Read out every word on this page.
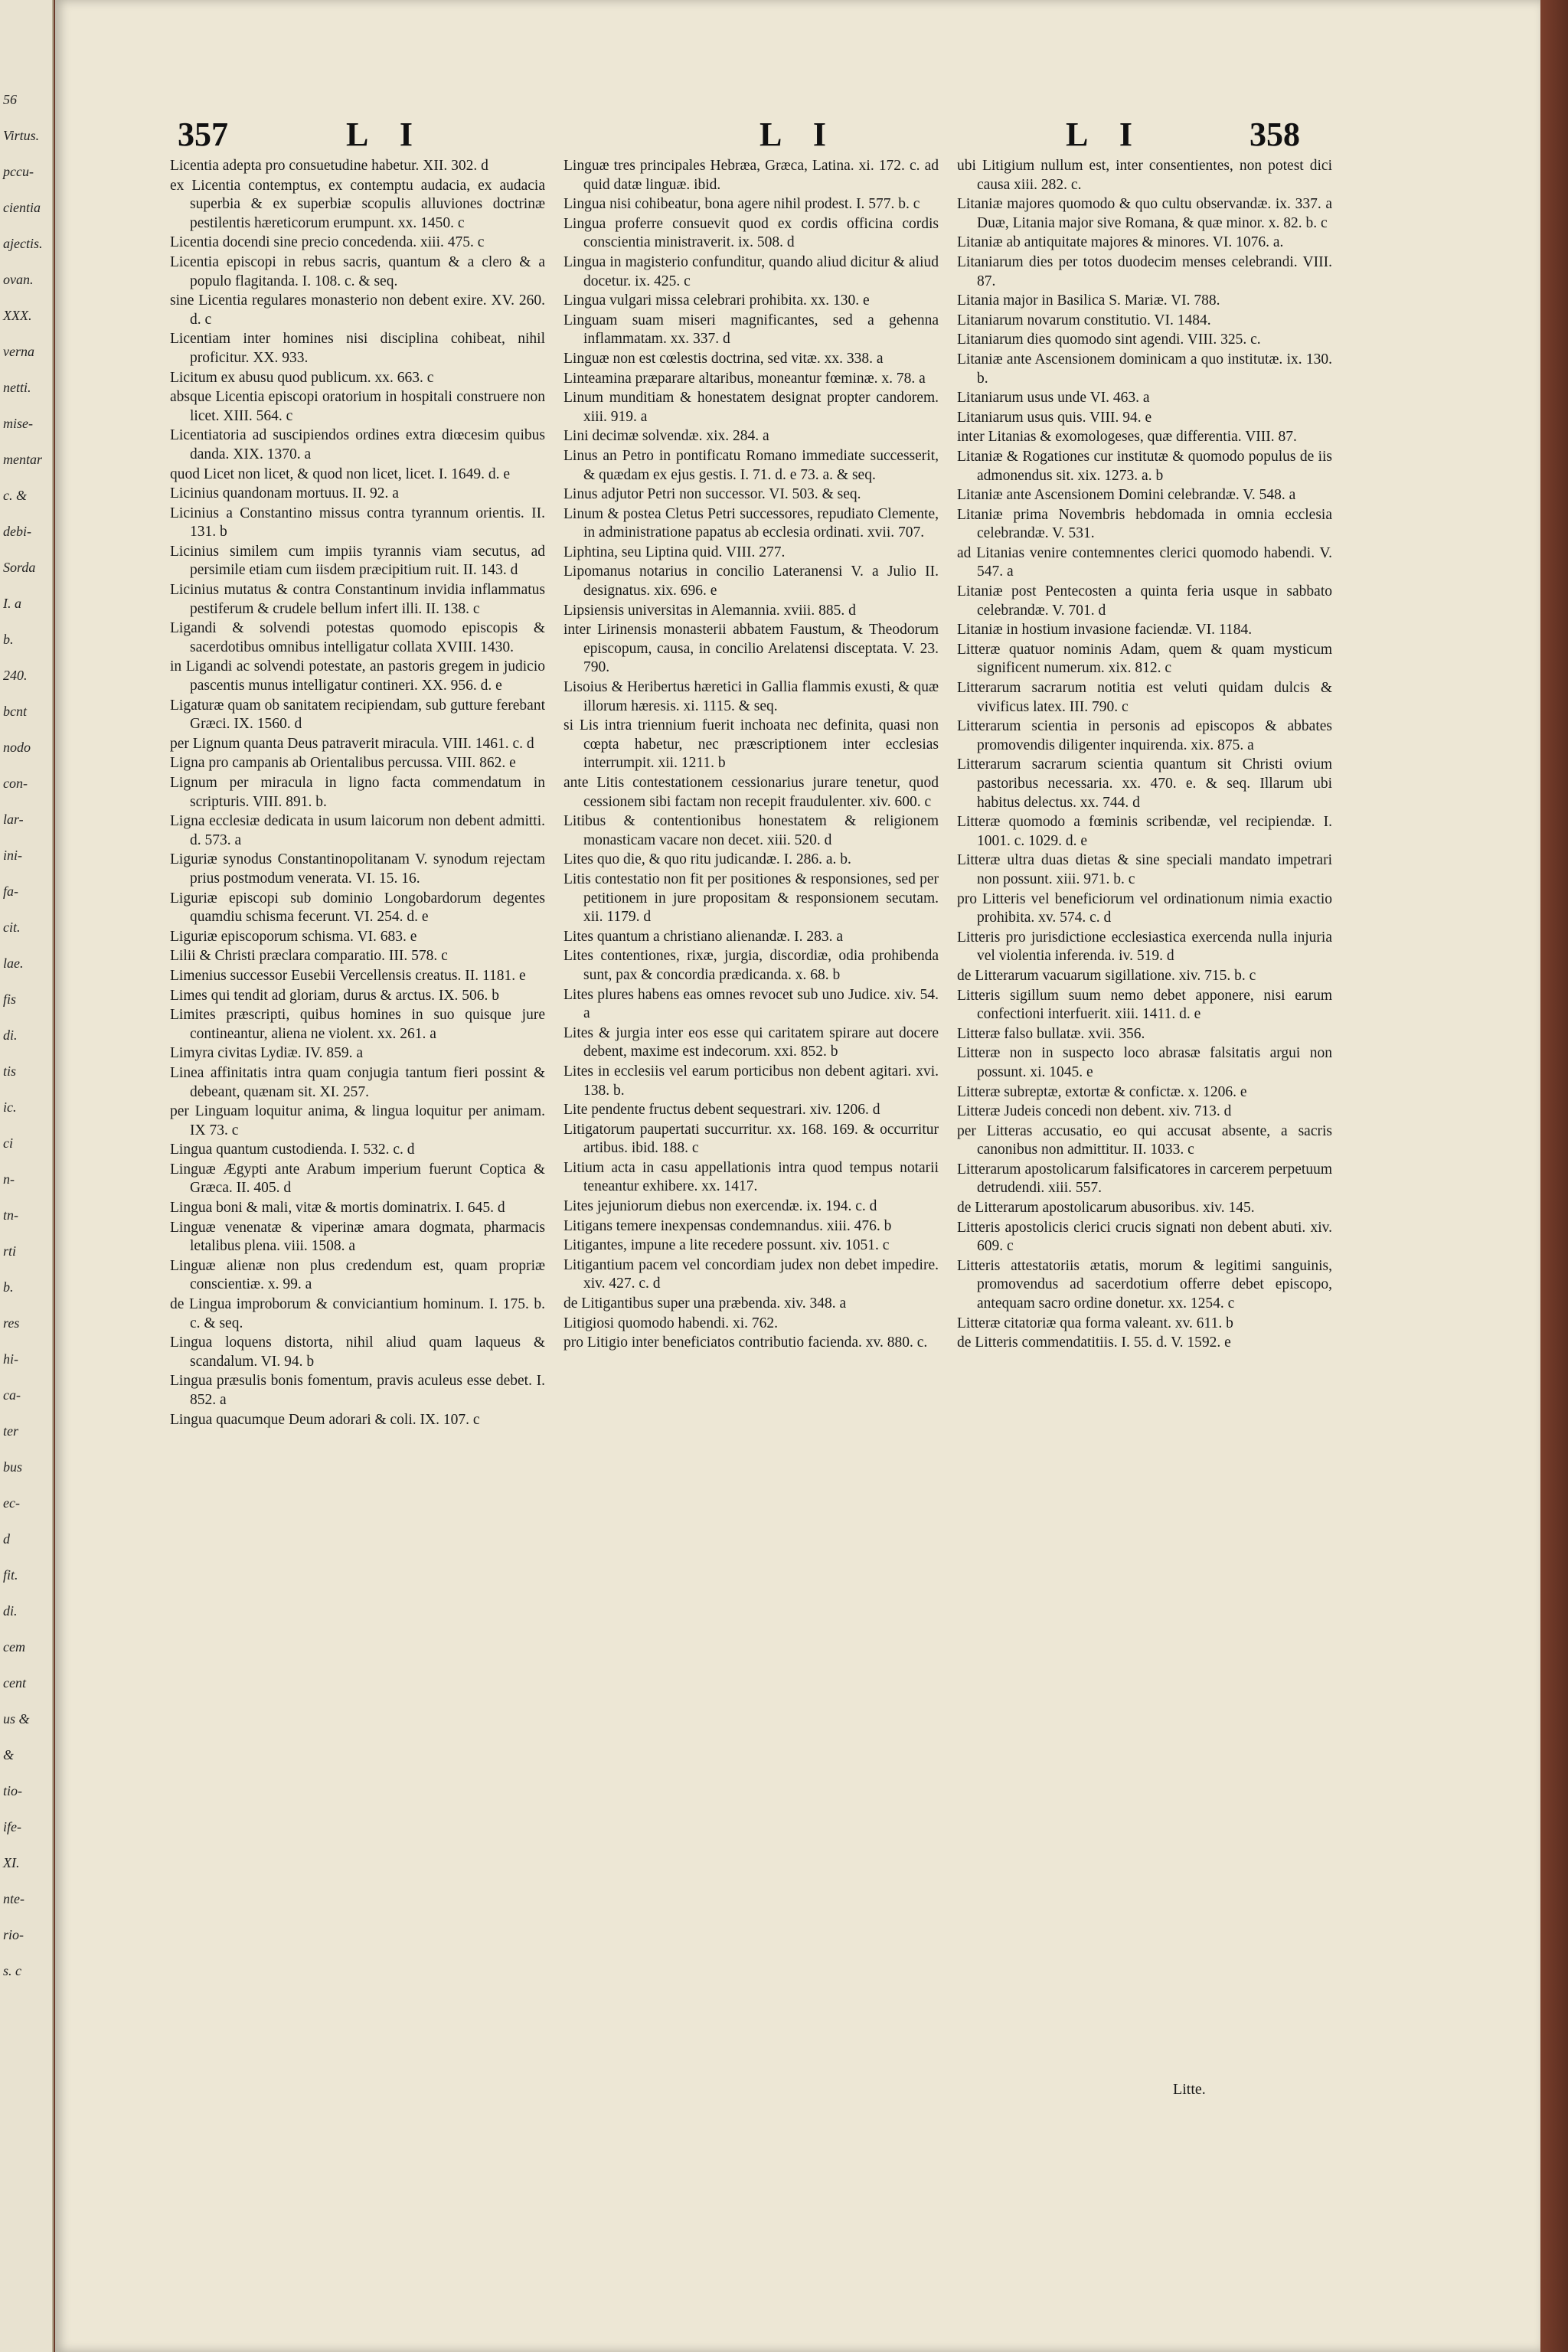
56
Virtus.
pccu-
cientia
ajectis.
ovan.
XXX.
verna
netti.
mise-
mentar
c. &
debi-
Sorda
I. a
b.
240.
bcnt
nodo
con-
lar-
ini-
fa-
cit.
lae.
fis
di.
tis
ic.
ci
n-
tn-
rti
b.
res
hi-
ca-
ter
bus
ec-
d
fit.
di.
cem
cent
us &
&
tio-
ife-
XI.
nte-
rio-
s. c
357	L I	L I	L I	358
Licentia adepta pro consuetudine habetur. XII. 302. d
ex Licentia contemptus, ex contemptu audacia, ex audacia superbia & ex superbiæ scopulis alluviones doctrinæ pestilentis hæreticorum erumpunt. xx. 1450. c
Licentia docendi sine precio concedenda. xiii. 475. c
Licentia episcopi in rebus sacris, quantum & a clero & a populo flagitanda. I. 108. c. & seq.
sine Licentia regulares monasterio non debent exire. XV. 260. d. c
Licentiam inter homines nisi disciplina cohibeat, nihil proficitur. XX. 933.
Licitum ex abusu quod publicum. xx. 663. c
absque Licentia episcopi oratorium in hospitali construere non licet. XIII. 564. c
Licentiatoria ad suscipiendos ordines extra diœcesim quibus danda. XIX. 1370. a
quod Licet non licet, & quod non licet, licet. I. 1649. d. e
Licinius quandonam mortuus. II. 92. a
Licinius a Constantino missus contra tyrannum orientis. II. 131. b
Licinius similem cum impiis tyrannis viam secutus, ad persimile etiam cum iisdem præcipitium ruit. II. 143. d
Licinius mutatus & contra Constantinum invidia inflammatus pestiferum & crudele bellum infert illi. II. 138. c
Ligandi & solvendi potestas quomodo episcopis & sacerdotibus omnibus intelligatur collata XVIII. 1430.
in Ligandi ac solvendi potestate, an pastoris gregem in judicio pascentis munus intelligatur contineri. XX. 956. d. e
Ligaturæ quam ob sanitatem recipiendam, sub gutture ferebant Græci. IX. 1560. d
per Lignum quanta Deus patraverit miracula. VIII. 1461. c. d
Ligna pro campanis ab Orientalibus percussa. VIII. 862. e
Lignum per miracula in ligno facta commendatum in scripturis. VIII. 891. b.
Ligna ecclesiæ dedicata in usum laicorum non debent admitti. d. 573. a
Liguriæ synodus Constantinopolitanam V. synodum rejectam prius postmodum veneratа. VI. 15. 16.
Liguriæ episcopi sub dominio Longobardorum degentes quamdiu schisma fecerunt. VI. 254. d. e
Liguriæ episcoporum schisma. VI. 683. e
Lilii & Christi præclara comparatio. III. 578. c
Limenius successor Eusebii Vercellensis creatus. II. 1181. e
Limes qui tendit ad gloriam, durus & arctus. IX. 506. b
Limites præscripti, quibus homines in suo quisque jure contineantur, aliena ne violent. xx. 261. a
Limyra civitas Lydiæ. IV. 859. a
Linea affinitatis intra quam conjugia tantum fieri possint & debeant, quænam sit. XI. 257.
per Linguam loquitur anima, & lingua loquitur per animam. IX 73. c
Lingua quantum custodienda. I. 532. c. d
Linguæ Ægypti ante Arabum imperium fuerunt Coptica & Græca. II. 405. d
Lingua boni & mali, vitæ & mortis dominatrix. I. 645. d
Linguæ venenatæ & viperinæ amara dogmata, pharmacis letalibus plena. viii. 1508. a
Linguæ alienæ non plus credendum est, quam propriæ conscientiæ. x. 99. a
de Lingua improborum & conviciantium hominum. I. 175. b. c. & seq.
Lingua loquens distorta, nihil aliud quam laqueus & scandalum. VI. 94. b
Lingua præsulis bonis fomentum, pravis aculeus esse debet. I. 852. a
Lingua quacumque Deum adorari & coli. IX. 107. c
Linguæ tres principales Hebræa, Græca, Latina. xi. 172. c. ad quid datæ linguæ. ibid.
Lingua nisi cohibeatur, bona agere nihil prodest. I. 577. b. c
Lingua proferre consuevit quod ex cordis officina cordis conscientia ministraverit. ix. 508. d
Lingua in magisterio confunditur, quando aliud dicitur & aliud docetur. ix. 425. c
Lingua vulgari missa celebrari prohibita. xx. 130. e
Linguam suam miseri magnificantes, sed a gehenna inflammatam. xx. 337. d
Linguæ non est cœlestis doctrina, sed vitæ. xx. 338. a
Linteamina præparare altaribus, moneantur fœminæ. x. 78. a
Linum munditiam & honestatem designat propter candorem. xiii. 919. a
Lini decimæ solvendæ. xix. 284. a
Linus an Petro in pontificatu Romano immediate successerit, & quædam ex ejus gestis. I. 71. d. e 73. a. & seq.
Linus adjutor Petri non successor. VI. 503. & seq.
Linum & postea Cletus Petri successores, repudiato Clemente, in administratione papatus ab ecclesia ordinati. xvii. 707.
Liphtina, seu Liptina quid. VIII. 277.
Lipomanus notarius in concilio Lateranensi V. a Julio II. designatus. xix. 696. e
Lipsiensis universitas in Alemannia. xviii. 885. d
inter Lirinensis monasterii abbatem Faustum, & Theodorum episcopum, causa, in concilio Arelatensi disceptata. V. 23. 790.
Lisoius & Heribertus hæretici in Gallia flammis exusti, & quæ illorum hæresis. xi. 1115. & seq.
si Lis intra triennium fuerit inchoata nec definita, quasi non cœpta habetur, nec præscriptionem inter ecclesias interrumpit. xii. 1211. b
ante Litis contestationem cessionarius jurare tenetur, quod cessionem sibi factam non recepit fraudulenter. xiv. 600. c
Litibus & contentionibus honestatem & religionem monasticam vacare non decet. xiii. 520. d
Lites quo die, & quo ritu judicandæ. I. 286. a. b.
Litis contestatio non fit per positiones & responsiones, sed per petitionem in jure propositam & responsionem secutam. xii. 1179. d
Lites quantum a christiano alienandæ. I. 283. a
Lites contentiones, rixæ, jurgia, discordiæ, odia prohibenda sunt, pax & concordia prædicanda. x. 68. b
Lites plures habens eas omnes revocet sub uno Judice. xiv. 54. a
Lites & jurgia inter eos esse qui caritatem spirare aut docere debent, maxime est indecorum. xxi. 852. b
Lites in ecclesiis vel earum porticibus non debent agitari. xvi. 138. b.
Lite pendente fructus debent sequestrari. xiv. 1206. d
Litigatorum paupertati succurritur. xx. 168. 169. & occurritur artibus. ibid. 188. c
Litium acta in casu appellationis intra quod tempus notarii teneantur exhibere. xx. 1417.
Lites jejuniorum diebus non exercendæ. ix. 194. c. d
Litigans temere inexpensas condemnandus. xiii. 476. b
Litigantes, impune a lite recedere possunt. xiv. 1051. c
Litigantium pacem vel concordiam judex non debet impedire. xiv. 427. c. d
de Litigantibus super una præbenda. xiv. 348. a
Litigiosi quomodo habendi. xi. 762.
pro Litigio inter beneficiatos contributio facienda. xv. 880. c.
ubi Litigium nullum est, inter consentientes, non potest dici causa xiii. 282. c.
Litaniæ majores quomodo & quo cultu observandæ. ix. 337. a Duæ, Litania major sive Romana, & quæ minor. x. 82. b. c
Litaniæ ab antiquitate majores & minores. VI. 1076. a.
Litaniarum dies per totos duodecim menses celebrandi. VIII. 87.
Litania major in Basilica S. Mariæ. VI. 788.
Litaniarum novarum constitutio. VI. 1484.
Litaniarum dies quomodo sint agendi. VIII. 325. c.
Litaniæ ante Ascensionem dominicam a quo institutæ. ix. 130. b.
Litaniarum usus unde VI. 463. a
Litaniarum usus quis. VIII. 94. e
inter Litanias & exomologeses, quæ differentia. VIII. 87.
Litaniæ & Rogationes cur institutæ & quomodo populus de iis admonendus sit. xix. 1273. a. b
Litaniæ ante Ascensionem Domini celebrandæ. V. 548. a
Litaniæ prima Novembris hebdomada in omnia ecclesia celebrandæ. V. 531.
ad Litanias venire contemnentes clerici quomodo habendi. V. 547. a
Litaniæ post Pentecosten a quinta feria usque in sabbato celebrandæ. V. 701. d
Litaniæ in hostium invasione faciendæ. VI. 1184.
Litteræ quatuor nominis Adam, quem & quam mysticum significent numerum. xix. 812. c
Litterarum sacrarum notitia est veluti quidam dulcis & vivificus latex. III. 790. c
Litterarum scientia in personis ad episcopos & abbates promovendis diligenter inquirenda. xix. 875. a
Litterarum sacrarum scientia quantum sit Christi ovium pastoribus necessaria. xx. 470. e. & seq. Illarum ubi habitus delectus. xx. 744. d
Litteræ quomodo a fœminis scribendæ, vel recipiendæ. I. 1001. c. 1029. d. e
Litteræ ultra duas dietas & sine speciali mandato impetrari non possunt. xiii. 971. b. c
pro Litteris vel beneficiorum vel ordinationum nimia exactio prohibita. xv. 574. c. d
Litteris pro jurisdictione ecclesiastica exercenda nulla injuria vel violentia inferenda. iv. 519. d
de Litterarum vacuarum sigillatione. xiv. 715. b. c
Litteris sigillum suum nemo debet apponere, nisi earum confectioni interfuerit. xiii. 1411. d. e
Litteræ falso bullatæ. xvii. 356.
Litteræ non in suspecto loco abrasæ falsitatis argui non possunt. xi. 1045. e
Litteræ subreptæ, extortæ & confictæ. x. 1206. e
Litteræ Judeis concedi non debent. xiv. 713. d
per Litteras accusatio, eo qui accusat absente, a sacris canonibus non admittitur. II. 1033. c
Litterarum apostolicarum falsificatores in carcerem perpetuum detrudendi. xiii. 557.
de Litterarum apostolicarum abusoribus. xiv. 145.
Litteris apostolicis clerici crucis signati non debent abuti. xiv. 609. c
Litteris attestatoriis ætatis, morum & legitimi sanguinis, promovendus ad sacerdotium offerre debet episcopo, antequam sacro ordine donetur. xx. 1254. c
Litteræ citatoriæ qua forma valeant. xv. 611. b
de Litteris commendatitiis. I. 55. d. V. 1592. e
Litte.
